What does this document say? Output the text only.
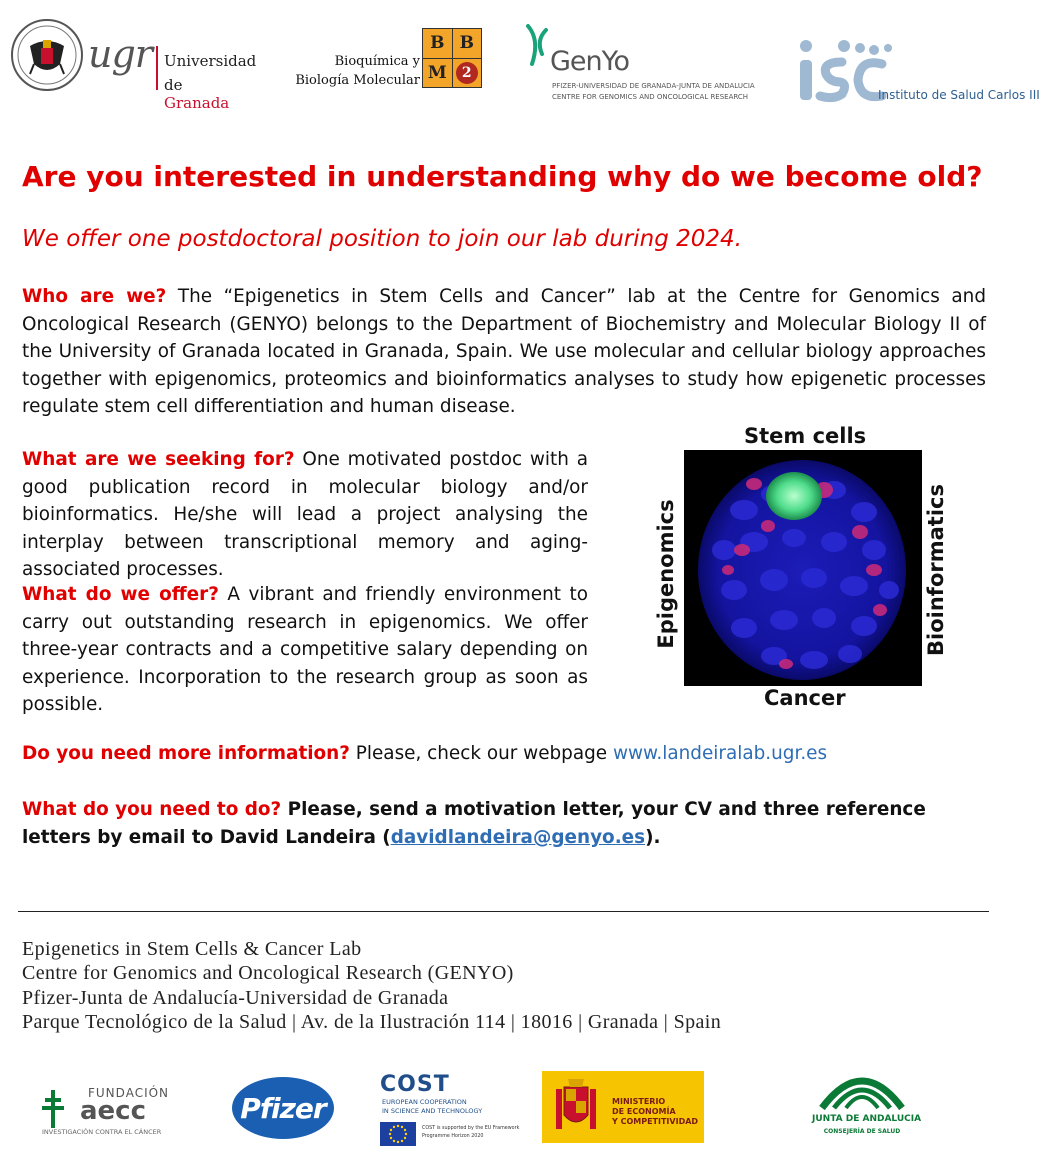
ugr Universidad
de Granada
Bioquímica y
Biología Molecular
B B
M	2	GenYo
PFIZER-UNIVERSIDAD DE GRANADA-JUNTA DE ANDALUCIA
CENTRE FOR GENOMICS AND ONCOLOGICAL RESEARCH	Instituto de Salud Carlos III
Are you interested in understanding why do we become old?
We offer one postdoctoral position to join our lab during 2024.
Who are we? The “Epigenetics in Stem Cells and Cancer” lab at the Centre for Genomics and Oncological Research (GENYO) belongs to the Department of Biochemistry and Molecular Biology II of the University of Granada located in Granada, Spain. We use molecular and cellular biology approaches together with epigenomics, proteomics and bioinformatics analyses to study how epigenetic processes regulate stem cell differentiation and human disease.
What are we seeking for? One motivated postdoc with a good publication record in molecular biology and/or bioinformatics. He/she will lead a project analysing the interplay between transcriptional memory and aging-associated processes.
What do we offer? A vibrant and friendly environment to carry out outstanding research in epigenomics. We offer three-year contracts and a competitive salary depending on experience. Incorporation to the research group as soon as possible.
Do you need more information? Please, check our webpage www.landeiralab.ugr.es
What do you need to do? Please, send a motivation letter, your CV and three reference letters by email to David Landeira (davidlandeira@genyo.es).
Stem cells
Cancer
Epigenomics	Bioinformatics
Epigenetics in Stem Cells & Cancer Lab
Centre for Genomics and Oncological Research (GENYO)
Pfizer-Junta de Andalucía-Universidad de Granada
Parque Tecnológico de la Salud | Av. de la Ilustración 114 | 18016 | Granada | Spain
FUNDACIÓN
aecc
INVESTIGACIÓN CONTRA EL CÁNCER
Pfizer
COST
EUROPEAN COOPERATION
IN SCIENCE AND TECHNOLOGY
COST is supported by the EU Framework
Programme Horizon 2020
MINISTERIO
DE ECONOMÍA
Y COMPETITIVIDAD	JUNTA DE ANDALUCIA
CONSEJERÍA DE SALUD
